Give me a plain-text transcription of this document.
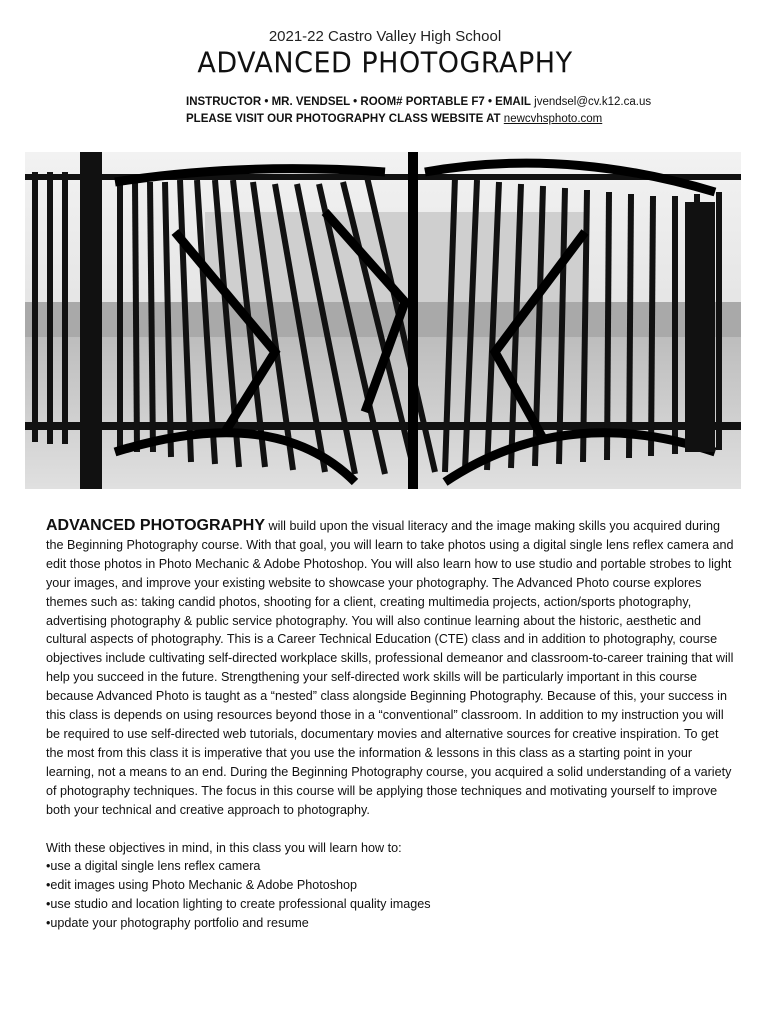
2021-22 Castro Valley High School
ADVANCED PHOTOGRAPHY
INSTRUCTOR • MR. VENDSEL • ROOM# PORTABLE F7 • EMAIL jvendsel@cv.k12.ca.us
PLEASE VISIT OUR PHOTOGRAPHY CLASS WEBSITE AT newcvhsphoto.com
ADVANCED PHOTOGRAPHY will build upon the visual literacy and the image making skills you acquired during the Beginning Photography course. With that goal, you will learn to take photos using a digital single lens reflex camera and edit those photos in Photo Mechanic & Adobe Photoshop. You will also learn how to use studio and portable strobes to light your images, and improve your existing website to showcase your photography. The Advanced Photo course explores themes such as: taking candid photos, shooting for a client, creating multimedia projects, action/sports photography, advertising photography & public service photography. You will also continue learning about the historic, aesthetic and cultural aspects of photography. This is a Career Technical Education (CTE) class and in addition to photography, course objectives include cultivating self-directed workplace skills, professional demeanor and classroom-to-career training that will help you succeed in the future. Strengthening your self-directed work skills will be particularly important in this course because Advanced Photo is taught as a “nested” class alongside Beginning Photography. Because of this, your success in this class is depends on using resources beyond those in a “conventional” classroom. In addition to my instruction you will be required to use self-directed web tutorials, documentary movies and alternative sources for creative inspiration. To get the most from this class it is imperative that you use the information & lessons in this class as a starting point in your learning, not a means to an end. During the Beginning Photography course, you acquired a solid understanding of a variety of photography techniques. The focus in this course will be applying those techniques and motivating yourself to improve both your technical and creative approach to photography.
With these objectives in mind, in this class you will learn how to:
•use a digital single lens reflex camera
•edit images using Photo Mechanic & Adobe Photoshop
•use studio and location lighting to create professional quality images
•update your photography portfolio and resume
